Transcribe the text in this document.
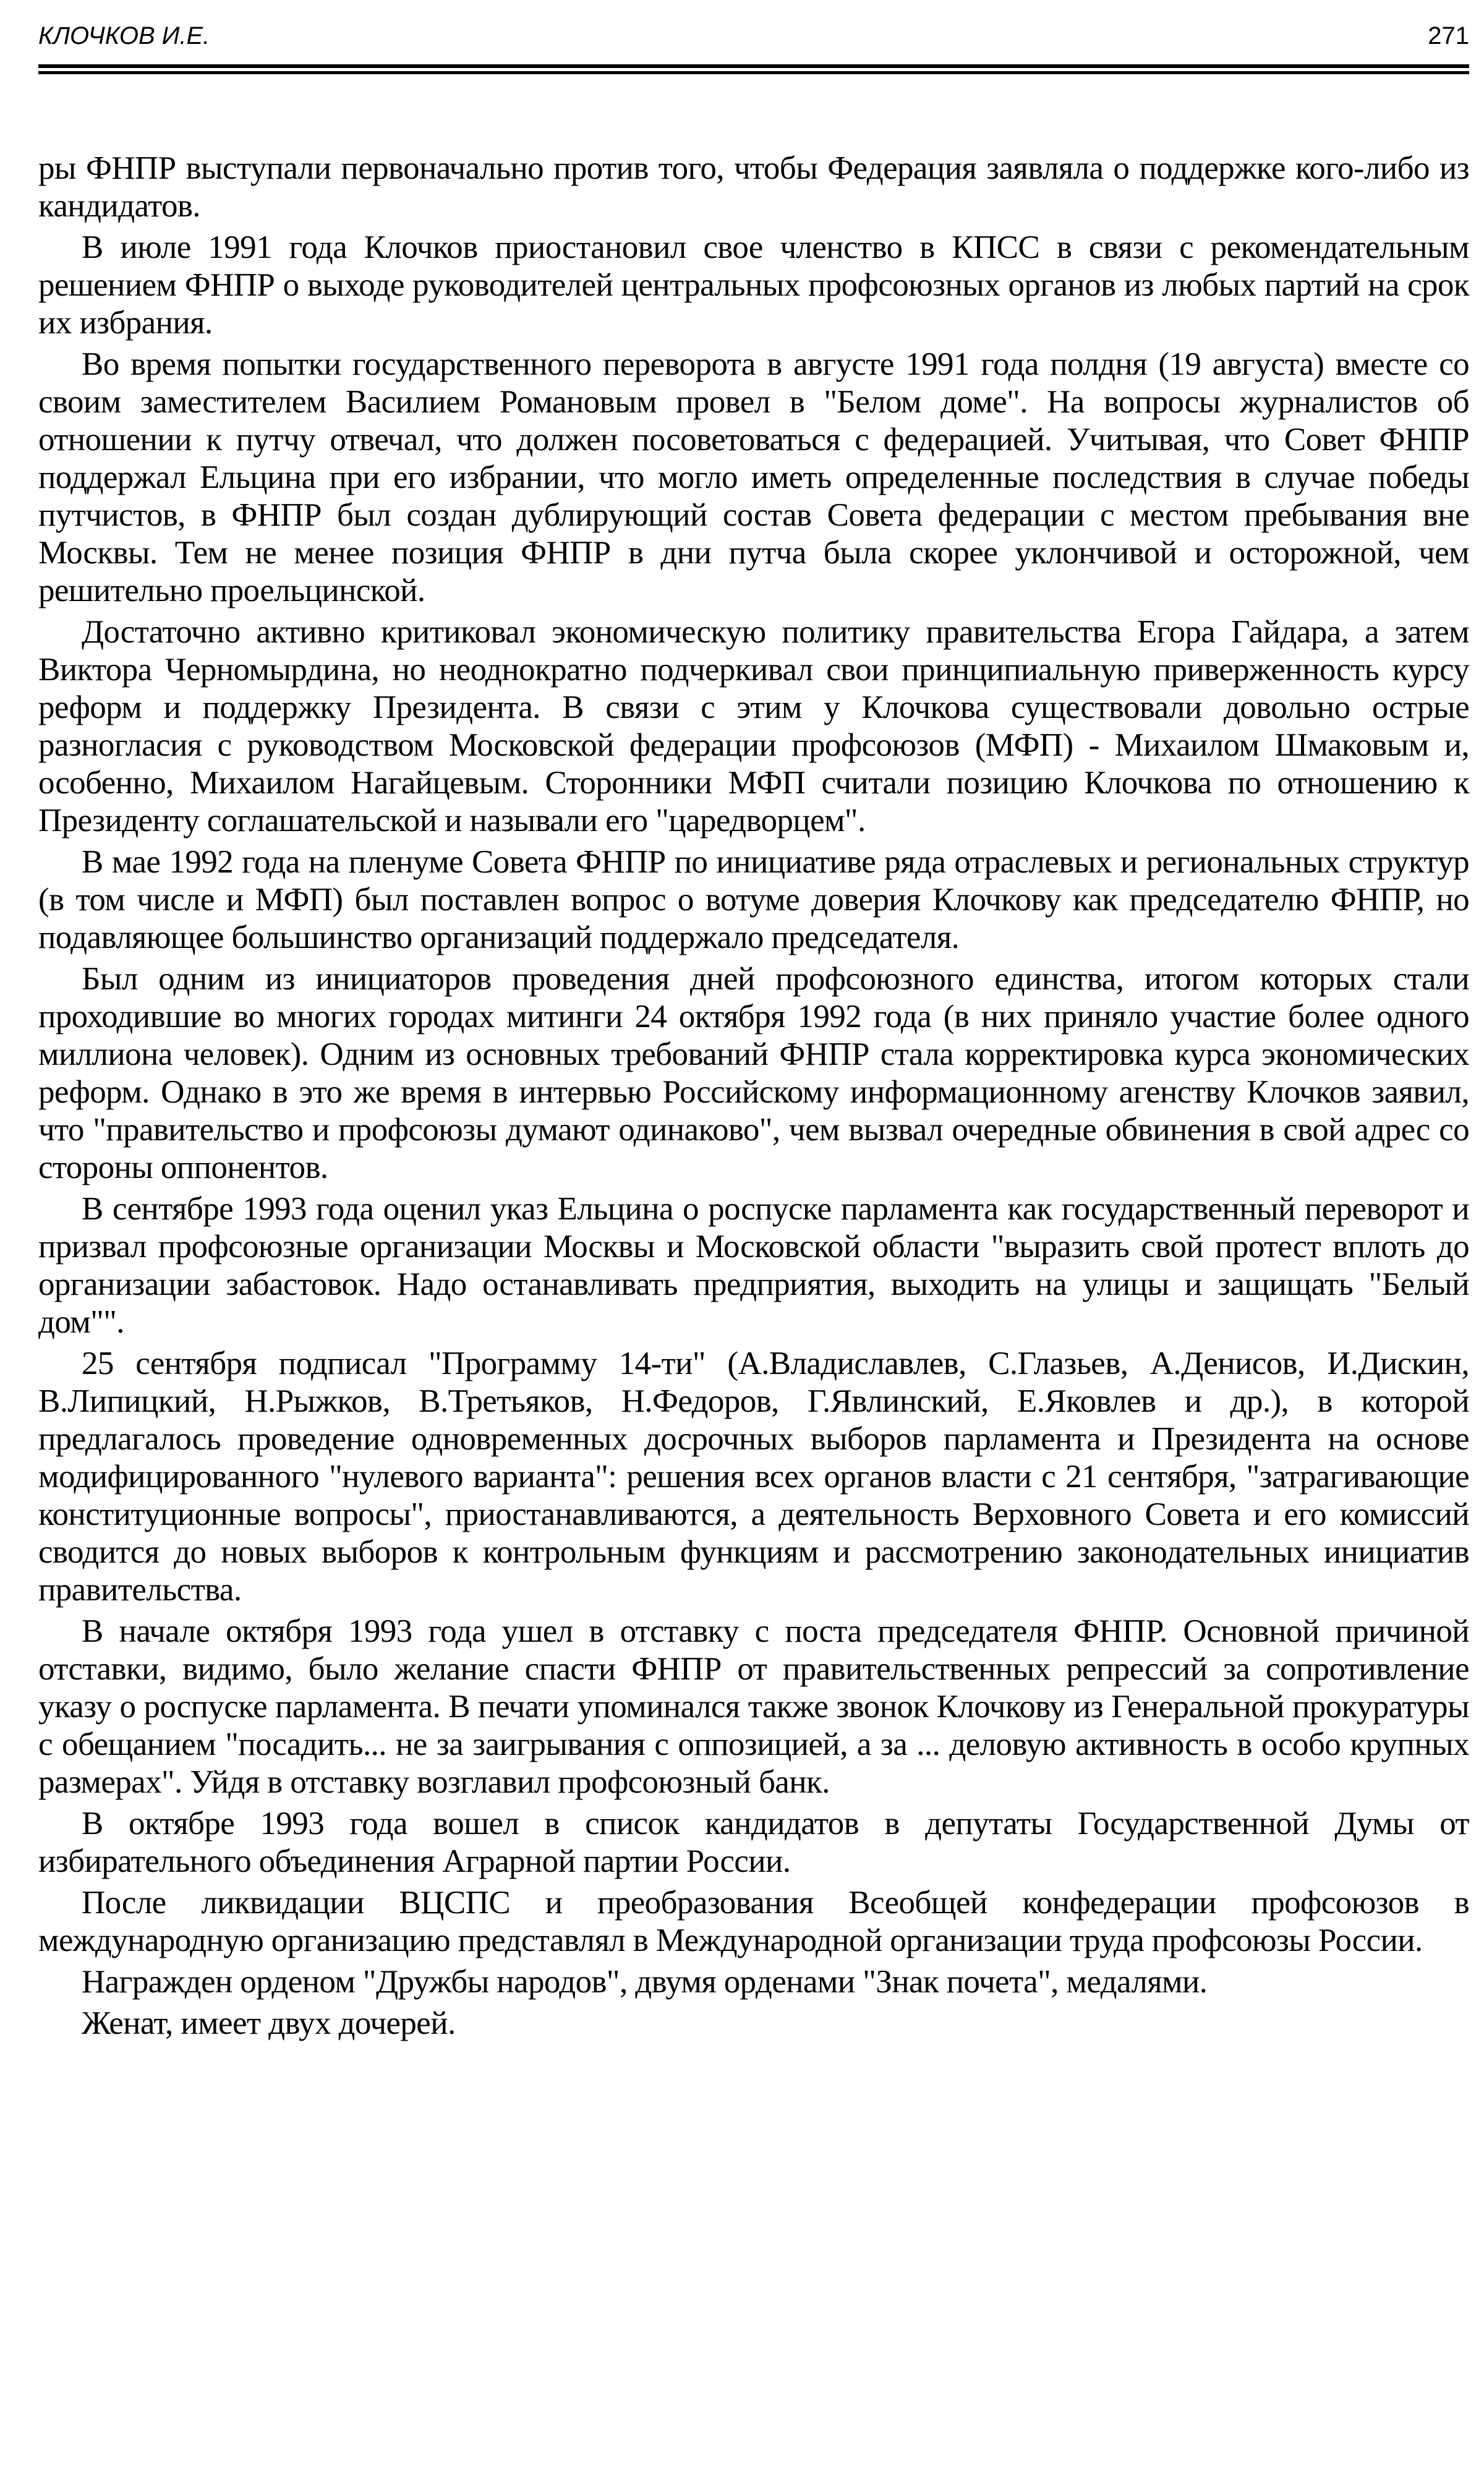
КЛОЧКОВ И.Е.	271

ры ФНПР выступали первоначально против того, чтобы Федерация заявляла о поддержке кого-либо из кандидатов.

В июле 1991 года Клочков приостановил свое членство в КПСС в связи с рекомендательным решением ФНПР о выходе руководителей центральных профсоюзных органов из любых партий на срок их избрания.

Во время попытки государственного переворота в августе 1991 года полдня (19 августа) вместе со своим заместителем Василием Романовым провел в "Белом доме". На вопросы журналистов об отношении к путчу отвечал, что должен посоветоваться с федерацией. Учитывая, что Совет ФНПР поддержал Ельцина при его избрании, что могло иметь определенные последствия в случае победы путчистов, в ФНПР был создан дублирующий состав Совета федерации с местом пребывания вне Москвы. Тем не менее позиция ФНПР в дни путча была скорее уклончивой и осторожной, чем решительно проельцинской.

Достаточно активно критиковал экономическую политику правительства Егора Гайдара, а затем Виктора Черномырдина, но неоднократно подчеркивал свои принципиальную приверженность курсу реформ и поддержку Президента. В связи с этим у Клочкова существовали довольно острые разногласия с руководством Московской федерации профсоюзов (МФП) - Михаилом Шмаковым и, особенно, Михаилом Нагайцевым. Сторонники МФП считали позицию Клочкова по отношению к Президенту соглашательской и называли его "царедворцем".

В мае 1992 года на пленуме Совета ФНПР по инициативе ряда отраслевых и региональных структур (в том числе и МФП) был поставлен вопрос о вотуме доверия Клочкову как председателю ФНПР, но подавляющее большинство организаций поддержало председателя.

Был одним из инициаторов проведения дней профсоюзного единства, итогом которых стали проходившие во многих городах митинги 24 октября 1992 года (в них приняло участие более одного миллиона человек). Одним из основных требований ФНПР стала корректировка курса экономических реформ. Однако в это же время в интервью Российскому информационному агенству Клочков заявил, что "правительство и профсоюзы думают одинаково", чем вызвал очередные обвинения в свой адрес со стороны оппонентов.

В сентябре 1993 года оценил указ Ельцина о роспуске парламента как государственный переворот и призвал профсоюзные организации Москвы и Московской области "выразить свой протест вплоть до организации забастовок. Надо останавливать предприятия, выходить на улицы и защищать "Белый дом"".

25 сентября подписал "Программу 14-ти" (А.Владиславлев, С.Глазьев, А.Денисов, И.Дискин, В.Липицкий, Н.Рыжков, В.Третьяков, Н.Федоров, Г.Явлинский, Е.Яковлев и др.), в которой предлагалось проведение одновременных досрочных выборов парламента и Президента на основе модифицированного "нулевого варианта": решения всех органов власти с 21 сентября, "затрагивающие конституционные вопросы", приостанавливаются, а деятельность Верховного Совета и его комиссий сводится до новых выборов к контрольным функциям и рассмотрению законодательных инициатив правительства.

В начале октября 1993 года ушел в отставку с поста председателя ФНПР. Основной причиной отставки, видимо, было желание спасти ФНПР от правительственных репрессий за сопротивление указу о роспуске парламента. В печати упоминался также звонок Клочкову из Генеральной прокуратуры с обещанием "посадить... не за заигрывания с оппозицией, а за ... деловую активность в особо крупных размерах". Уйдя в отставку возглавил профсоюзный банк.

В октябре 1993 года вошел в список кандидатов в депутаты Государственной Думы от избирательного объединения Аграрной партии России.

После ликвидации ВЦСПС и преобразования Всеобщей конфедерации профсоюзов в международную организацию представлял в Международной организации труда профсоюзы России.

Награжден орденом "Дружбы народов", двумя орденами "Знак почета", медалями.

Женат, имеет двух дочерей.
